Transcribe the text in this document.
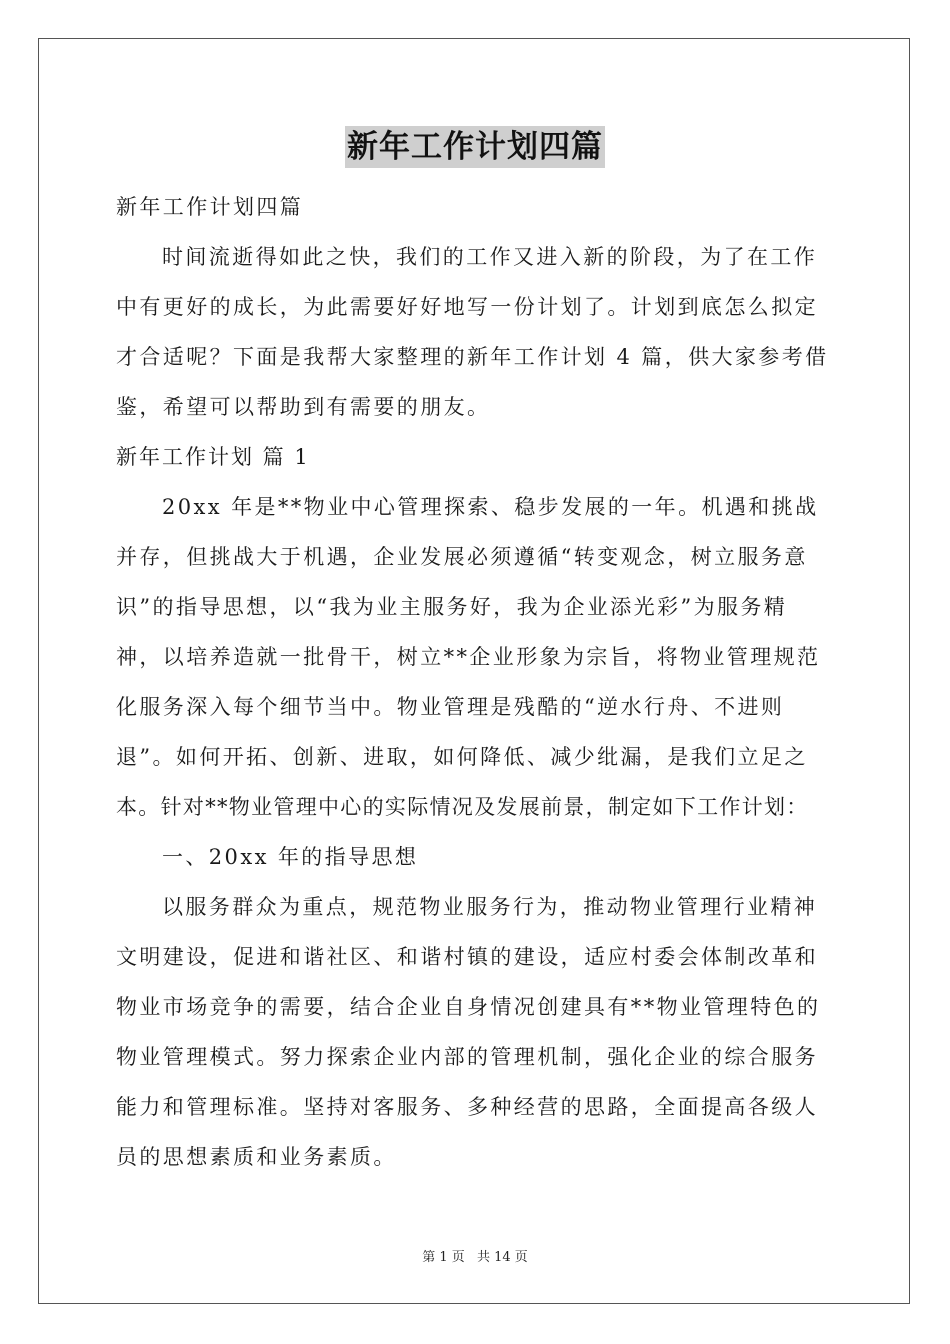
新年工作计划四篇

新年工作计划四篇

时间流逝得如此之快，我们的工作又进入新的阶段，为了在工作

中有更好的成长，为此需要好好地写一份计划了。计划到底怎么拟定

才合适呢？下面是我帮大家整理的新年工作计划 4 篇，供大家参考借

鉴，希望可以帮助到有需要的朋友。

新年工作计划 篇 1

20xx 年是**物业中心管理探索、稳步发展的一年。机遇和挑战

并存，但挑战大于机遇，企业发展必须遵循“转变观念，树立服务意

识”的指导思想，以“我为业主服务好，我为企业添光彩”为服务精

神，以培养造就一批骨干，树立**企业形象为宗旨，将物业管理规范

化服务深入每个细节当中。物业管理是残酷的“逆水行舟、不进则

退”。如何开拓、创新、进取，如何降低、减少纰漏，是我们立足之

本。针对**物业管理中心的实际情况及发展前景，制定如下工作计划：

一、20xx 年的指导思想

以服务群众为重点，规范物业服务行为，推动物业管理行业精神

文明建设，促进和谐社区、和谐村镇的建设，适应村委会体制改革和

物业市场竞争的需要，结合企业自身情况创建具有**物业管理特色的

物业管理模式。努力探索企业内部的管理机制，强化企业的综合服务

能力和管理标准。坚持对客服务、多种经营的思路，全面提高各级人

员的思想素质和业务素质。

第 1 页 共 14 页
